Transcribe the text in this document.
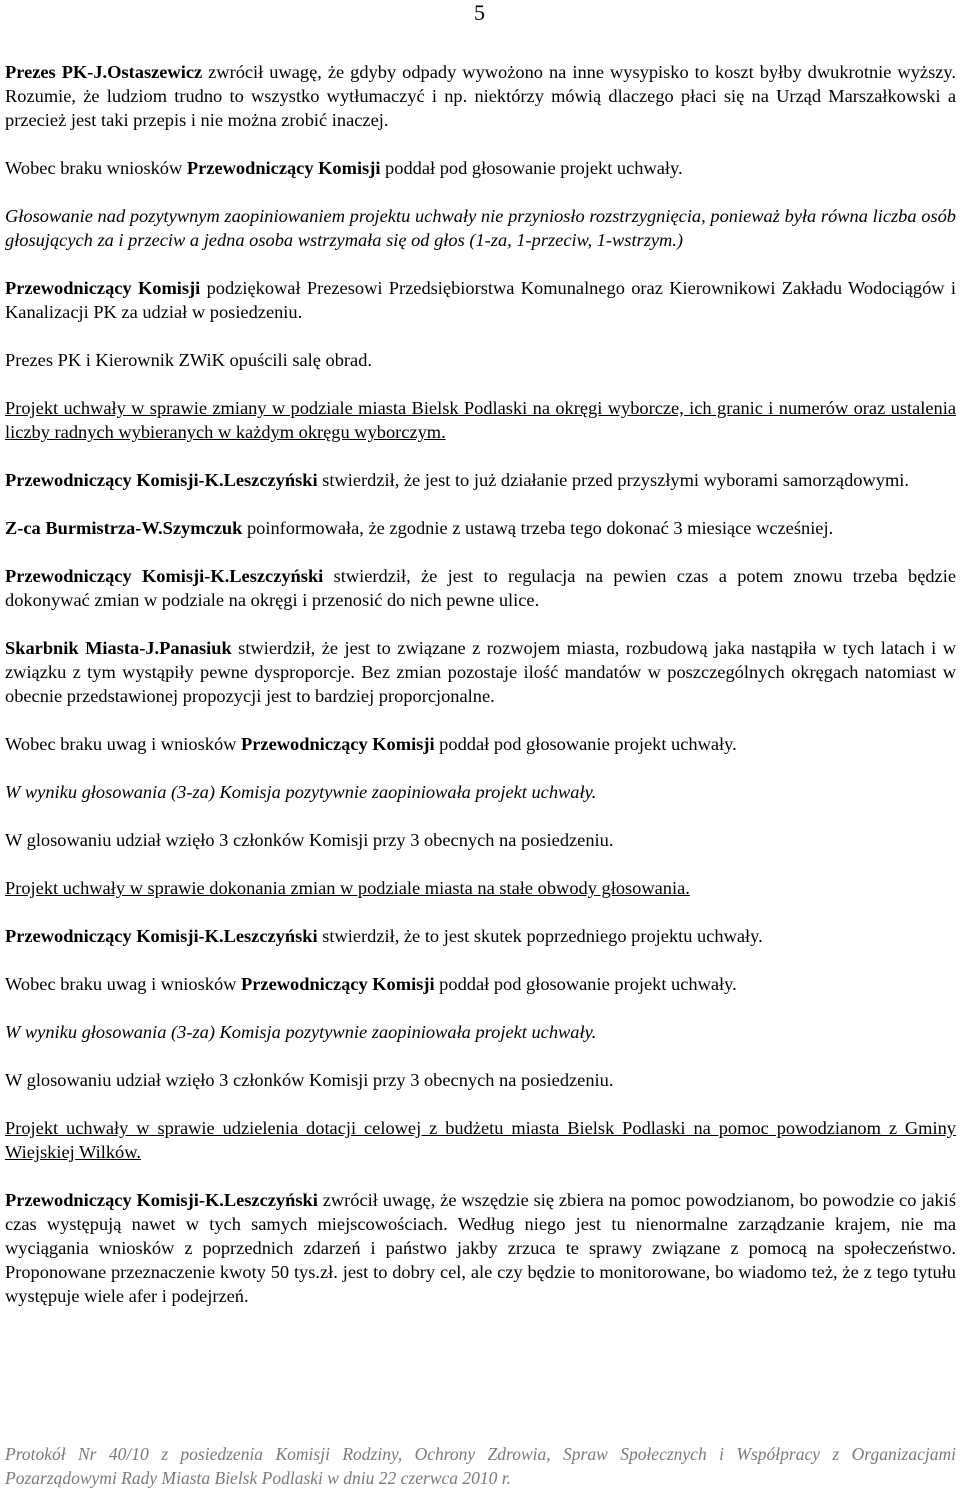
5

Prezes PK-J.Ostaszewicz zwrócił uwagę, że gdyby odpady wywożono na inne wysypisko to koszt byłby dwukrotnie wyższy. Rozumie, że ludziom trudno to wszystko wytłumaczyć i np. niektórzy mówią dlaczego płaci się na Urząd Marszałkowski a przecież jest taki przepis i nie można zrobić inaczej.

Wobec braku wniosków Przewodniczący Komisji poddał pod głosowanie projekt uchwały.

Głosowanie nad pozytywnym zaopiniowaniem projektu uchwały nie przyniosło rozstrzygnięcia, ponieważ była równa liczba osób głosujących za i przeciw a jedna osoba wstrzymała się od głos (1-za, 1-przeciw, 1-wstrzym.)

Przewodniczący Komisji podziękował Prezesowi Przedsiębiorstwa Komunalnego oraz Kierownikowi Zakładu Wodociągów i Kanalizacji PK za udział w posiedzeniu.

Prezes PK i Kierownik ZWiK opuścili salę obrad.

Projekt uchwały w sprawie zmiany w podziale miasta Bielsk Podlaski na okręgi wyborcze, ich granic i numerów oraz ustalenia liczby radnych wybieranych w każdym okręgu wyborczym.

Przewodniczący Komisji-K.Leszczyński stwierdził, że jest to już działanie przed przyszłymi wyborami samorządowymi.

Z-ca Burmistrza-W.Szymczuk poinformowała, że zgodnie z ustawą trzeba tego dokonać 3 miesiące wcześniej.

Przewodniczący Komisji-K.Leszczyński stwierdził, że jest to regulacja na pewien czas a potem znowu trzeba będzie dokonywać zmian w podziale na okręgi i przenosić do nich pewne ulice.

Skarbnik Miasta-J.Panasiuk stwierdził, że jest to związane z rozwojem miasta, rozbudową jaka nastąpiła w tych latach i w związku z tym wystąpiły pewne dysproporcje. Bez zmian pozostaje ilość mandatów w poszczególnych okręgach natomiast w obecnie przedstawionej propozycji jest to bardziej proporcjonalne.

Wobec braku uwag i wniosków Przewodniczący Komisji poddał pod głosowanie projekt uchwały.

W wyniku głosowania (3-za) Komisja pozytywnie zaopiniowała projekt uchwały.

W glosowaniu udział wzięło 3 członków Komisji przy 3 obecnych na posiedzeniu.

Projekt uchwały w sprawie dokonania zmian w podziale miasta na stałe obwody głosowania.

Przewodniczący Komisji-K.Leszczyński stwierdził, że to jest skutek poprzedniego projektu uchwały.

Wobec braku uwag i wniosków Przewodniczący Komisji poddał pod głosowanie projekt uchwały.

W wyniku głosowania (3-za) Komisja pozytywnie zaopiniowała projekt uchwały.

W glosowaniu udział wzięło 3 członków Komisji przy 3 obecnych na posiedzeniu.

Projekt uchwały w sprawie udzielenia dotacji celowej z budżetu miasta Bielsk Podlaski na pomoc powodzianom z Gminy Wiejskiej Wilków.

Przewodniczący Komisji-K.Leszczyński zwrócił uwagę, że wszędzie się zbiera na pomoc powodzianom, bo powodzie co jakiś czas występują nawet w tych samych miejscowościach. Według niego jest tu nienormalne zarządzanie krajem, nie ma wyciągania wniosków z poprzednich zdarzeń i państwo jakby zrzuca te sprawy związane z pomocą na społeczeństwo. Proponowane przeznaczenie kwoty 50 tys.zł. jest to dobry cel, ale czy będzie to monitorowane, bo wiadomo też, że z tego tytułu występuje wiele afer i podejrzeń.

Protokół Nr 40/10 z posiedzenia Komisji Rodziny, Ochrony Zdrowia, Spraw Społecznych i Współpracy z Organizacjami Pozarządowymi Rady Miasta Bielsk Podlaski w dniu 22 czerwca 2010 r.
